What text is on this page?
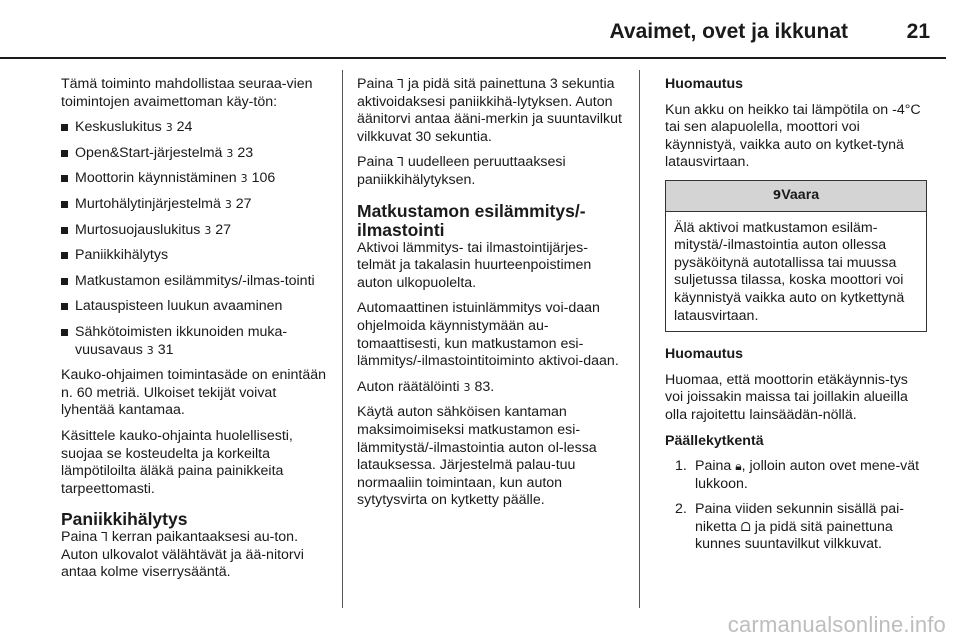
Avaimet, ovet ja ikkunat	21

Tämä toiminto mahdollistaa seuraa-vien toimintojen avaimettoman käy-tön:

Keskuslukitus 3 24
Open&Start-järjestelmä 3 23
Moottorin käynnistäminen 3 106
Murtohälytinjärjestelmä 3 27
Murtosuojauslukitus 3 27
Paniikkihälytys
Matkustamon esilämmitys/-ilmas-tointi
Latauspisteen luukun avaaminen
Sähkötoimisten ikkunoiden muka-vuusavaus 3 31

Kauko-ohjaimen toimintasäde on enintään n. 60 metriä. Ulkoiset tekijät voivat lyhentää kantamaa.

Käsittele kauko-ohjainta huolellisesti, suojaa se kosteudelta ja korkeilta lämpötiloilta äläkä paina painikkeita tarpeettomasti.

Paniikkihälytys

Paina Ꞁ kerran paikantaaksesi au-ton. Auton ulkovalot välähtävät ja ää-nitorvi antaa kolme viserrysääntä.

Paina Ꞁ ja pidä sitä painettuna 3 sekuntia aktivoidaksesi paniikkihä-lytyksen. Auton äänitorvi antaa ääni-merkin ja suuntavilkut vilkkuvat 30 sekuntia.

Paina Ꞁ uudelleen peruuttaaksesi paniikkihälytyksen.

Matkustamon esilämmitys/-ilmastointi

Aktivoi lämmitys- tai ilmastointijärjes-telmät ja takalasin huurteenpoistimen auton ulkopuolelta.

Automaattinen istuinlämmitys voi-daan ohjelmoida käynnistymään au-tomaattisesti, kun matkustamon esi-lämmitys/-ilmastointitoiminto aktivoi-daan.

Auton räätälöinti 3 83.

Käytä auton sähköisen kantaman maksimoimiseksi matkustamon esi-lämmitystä/-ilmastointia auton ol-lessa latauksessa. Järjestelmä palau-tuu normaaliin toimintaan, kun auton sytytysvirta on kytketty päälle.

Huomautus

Kun akku on heikko tai lämpötila on -4°C tai sen alapuolella, moottori voi käynnistyä, vaikka auto on kytket-tynä latausvirtaan.

9Vaara
Älä aktivoi matkustamon esiläm-mitystä/-ilmastointia auton ollessa pysäköitynä autotallissa tai muussa suljetussa tilassa, koska moottori voi käynnistyä vaikka auto on kytkettynä latausvirtaan.

Huomautus

Huomaa, että moottorin etäkäynnis-tys voi joissakin maissa tai joillakin alueilla olla rajoitettu lainsäädän-nöllä.

Päällekytkentä

1. Paina 🔒︎, jolloin auton ovet mene-vät lukkoon.
2. Paina viiden sekunnin sisällä pai-niketta ᗝ ja pidä sitä painettuna kunnes suuntavilkut vilkkuvat.
carmanualsonline.info
